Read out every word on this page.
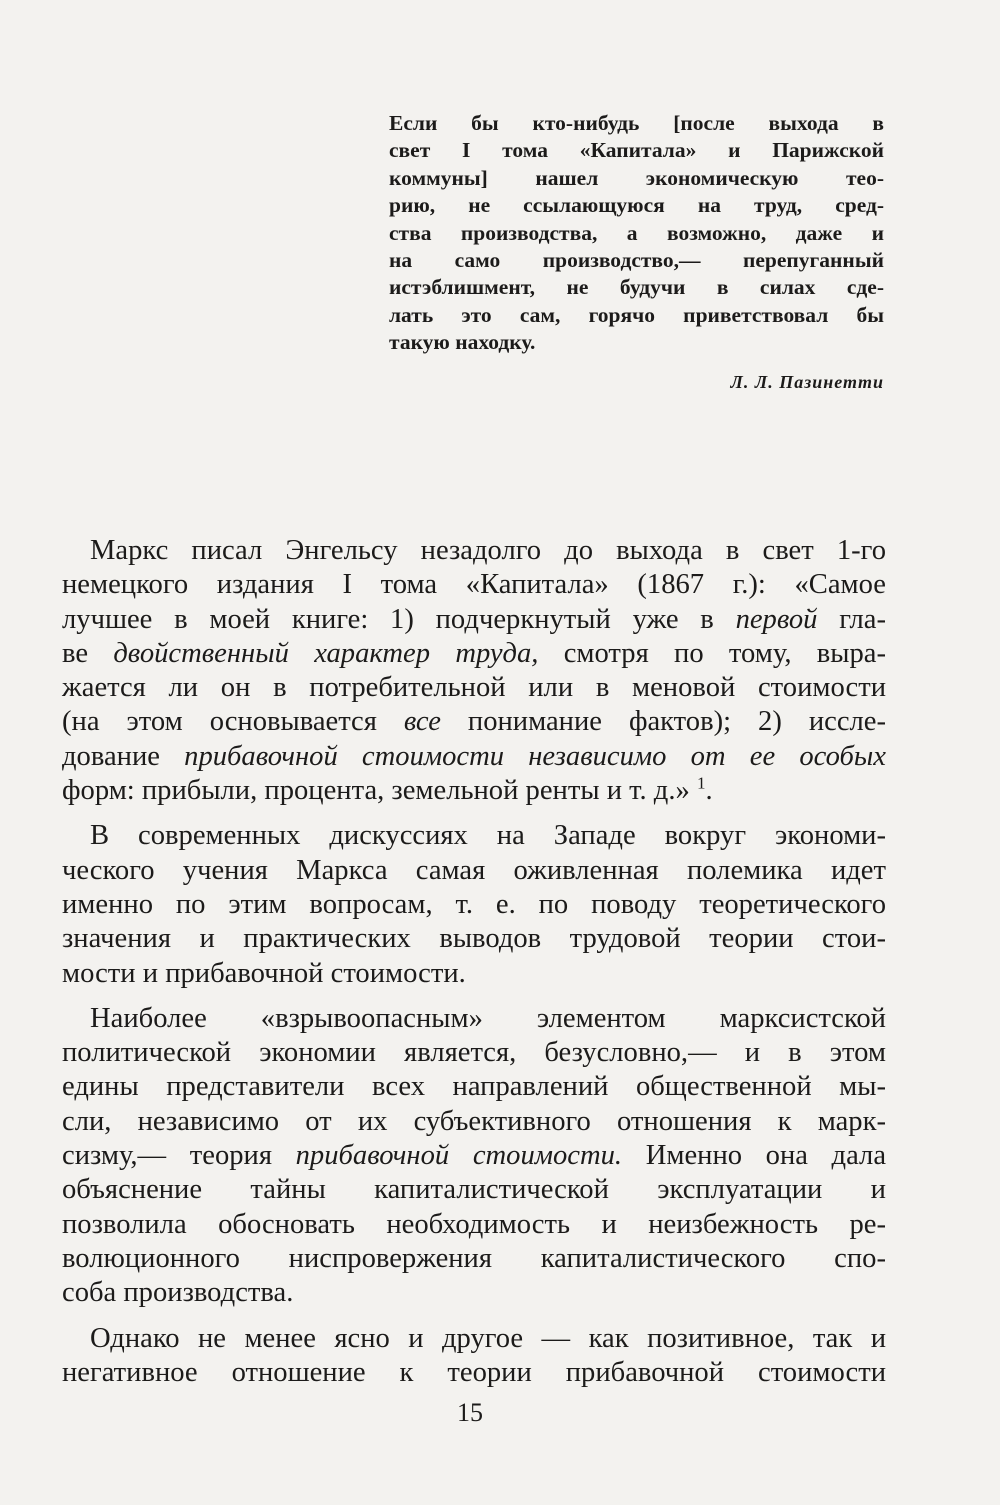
Если бы кто-нибудь [после выхода в
свет I тома «Капитала» и Парижской
коммуны] нашел экономическую тео-
рию, не ссылающуюся на труд, сред-
ства производства, а возможно, даже и
на само производство,— перепуганный
истэблишмент, не будучи в силах сде-
лать это сам, горячо приветствовал бы
такую находку.
Л. Л. Пазинетти
Маркс писал Энгельсу незадолго до выхода в свет 1-го
немецкого издания I тома «Капитала» (1867 г.): «Самое
лучшее в моей книге: 1) подчеркнутый уже в первой гла-
ве двойственный характер труда, смотря по тому, выра-
жается ли он в потребительной или в меновой стоимости
(на этом основывается все понимание фактов); 2) иссле-
дование прибавочной стоимости независимо от ее особых
форм: прибыли, процента, земельной ренты и т. д.» $^1$.
В современных дискуссиях на Западе вокруг экономи-
ческого учения Маркса самая оживленная полемика идет
именно по этим вопросам, т. е. по поводу теоретического
значения и практических выводов трудовой теории стои-
мости и прибавочной стоимости.
Наиболее «взрывоопасным» элементом марксистской
политической экономии является, безусловно,— и в этом
едины представители всех направлений общественной мы-
сли, независимо от их субъективного отношения к марк-
сизму,— теория прибавочной стоимости. Именно она дала
объяснение тайны капиталистической эксплуатации и
позволила обосновать необходимость и неизбежность ре-
волюционного ниспровержения капиталистического спо-
соба производства.
Однако не менее ясно и другое — как позитивное, так и
негативное отношение к теории прибавочной стоимости
15
